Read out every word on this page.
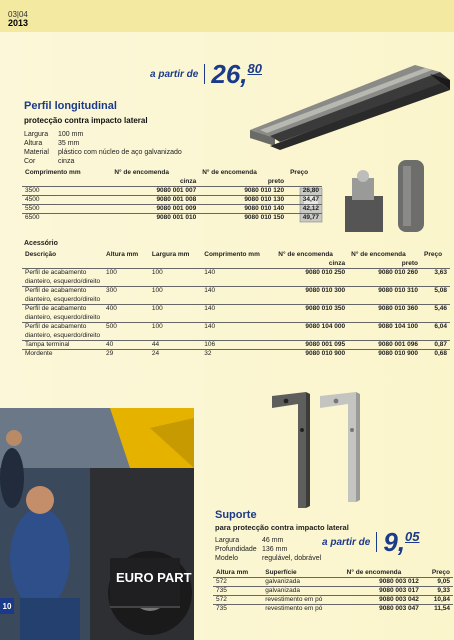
03|04
2013
a partir de 26, 80
Perfil longitudinal
protecção contra impacto lateral
Largura	100 mm
Altura	35 mm
Material	plástico com núcleo de aço galvanizado
Cor	cinza
Comprimento mm	N° de encomenda	N° de encomenda	Preço
	cinza	preto	
3500	9080 001 007	9080 010 120	26,80
4500	9080 001 008	9080 010 130	34,47
5500	9080 001 009	9080 010 140	42,12
6500	9080 001 010	9080 010 150	49,77
Acessório
Descrição	Altura mm	Largura mm	Comprimento mm	N° de encomenda	N° de encomenda	Preço
				cinza	preto	
Perfil de acabamento	100	100	140	9080 010 250	9080 010 260	3,63
dianteiro, esquerdo/direito						
Perfil de acabamento	300	100	140	9080 010 300	9080 010 310	5,08
dianteiro, esquerdo/direito						
Perfil de acabamento	400	100	140	9080 010 350	9080 010 360	5,46
dianteiro, esquerdo/direito						
Perfil de acabamento	500	100	140	9080 104 000	9080 104 100	6,04
dianteiro, esquerdo/direito						
Tampa terminal	40	44	106	9080 001 095	9080 001 096	0,87
Mordente	29	24	32	9080 010 900	9080 010 900	0,68
EURO PART
10
Suporte
para protecção contra impacto lateral
Largura	46 mm
Profundidade 136 mm
Modelo	regulável, dobrável
a partir de 9, 05
Altura mm	Superfície	N° de encomenda	Preço
572	galvanizada	9080 003 012	9,05
735	galvanizada	9080 003 017	9,33
572	revestimento em pó	9080 003 042	10,84
735	revestimento em pó	9080 003 047	11,54
